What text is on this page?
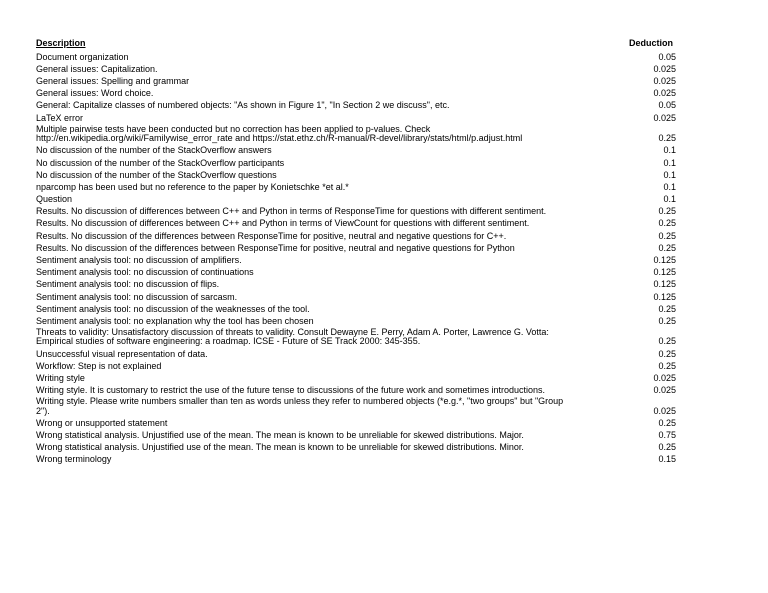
Description	Deduction
Document organization	0.05
General issues: Capitalization.	0.025
General issues: Spelling and grammar	0.025
General issues: Word choice.	0.025
General: Capitalize classes of numbered objects: "As shown in Figure 1", "In Section 2 we discuss", etc.	0.05
LaTeX error	0.025
Multiple pairwise tests have been conducted but no correction has been applied to p-values. Check http://en.wikipedia.org/wiki/Familywise_error_rate and https://stat.ethz.ch/R-manual/R-devel/library/stats/html/p.adjust.html	0.25
No discussion of the number of the StackOverflow answers	0.1
No discussion of the number of the StackOverflow participants	0.1
No discussion of the number of the StackOverflow questions	0.1
nparcomp has been used but no reference to the paper by Konietschke *et al.*	0.1
Question	0.1
Results. No discussion of differences between C++ and Python in terms of ResponseTime for questions with different sentiment.	0.25
Results. No discussion of differences between C++ and Python in terms of ViewCount for questions with different sentiment.	0.25
Results. No discussion of the differences between ResponseTime for positive, neutral and negative questions for C++.	0.25
Results. No discussion of the differences between ResponseTime for positive, neutral and negative questions for Python	0.25
Sentiment analysis tool: no discussion of amplifiers.	0.125
Sentiment analysis tool: no discussion of continuations	0.125
Sentiment analysis tool: no discussion of flips.	0.125
Sentiment analysis tool: no discussion of sarcasm.	0.125
Sentiment analysis tool: no discussion of the weaknesses of the tool.	0.25
Sentiment analysis tool: no explanation why the tool has been chosen	0.25
Threats to validity: Unsatisfactory discussion of threats to validity. Consult Dewayne E. Perry, Adam A. Porter, Lawrence G. Votta: Empirical studies of software engineering: a roadmap. ICSE - Future of SE Track 2000: 345-355.	0.25
Unsuccessful visual representation of data.	0.25
Workflow: Step is not explained	0.25
Writing style	0.025
Writing style. It is customary to restrict the use of the future tense to discussions of the future work and sometimes introductions.	0.025
Writing style. Please write numbers smaller than ten as words unless they refer to numbered objects (*e.g.*, "two groups" but "Group 2").	0.025
Wrong or unsupported statement	0.25
Wrong statistical analysis. Unjustified use of the mean. The mean is known to be unreliable for skewed distributions. Major.	0.75
Wrong statistical analysis. Unjustified use of the mean. The mean is known to be unreliable for skewed distributions. Minor.	0.25
Wrong terminology	0.15
